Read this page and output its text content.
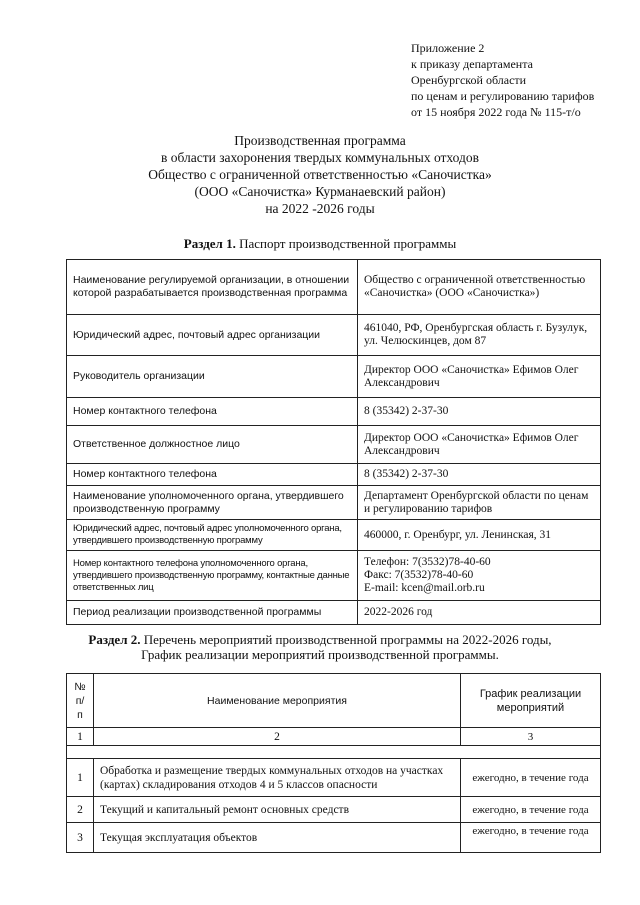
Приложение 2
к приказу департамента
Оренбургской области
по ценам и регулированию тарифов
от 15 ноября 2022 года № 115-т/о
Производственная программа
в области захоронения твердых коммунальных отходов
Общество с ограниченной ответственностью «Саночистка»
(ООО «Саночистка» Курманаевский район)
на 2022 -2026 годы
Раздел 1. Паспорт производственной программы
Наименование регулируемой организации, в отношении которой разрабатывается производственная программа	Общество с ограниченной ответственностью «Саночистка» (ООО «Саночистка»)
Юридический адрес, почтовый адрес организации	461040, РФ, Оренбургская область г. Бузулук, ул. Челюскинцев, дом 87
Руководитель организации	Директор ООО «Саночистка» Ефимов Олег Александрович
Номер контактного телефона	8 (35342) 2-37-30
Ответственное должностное лицо	Директор ООО «Саночистка» Ефимов Олег Александрович
Номер контактного телефона	8 (35342) 2-37-30
Наименование уполномоченного органа, утвердившего производственную программу	Департамент Оренбургской области по ценам и регулированию тарифов
Юридический адрес, почтовый адрес уполномоченного органа, утвердившего производственную программу	460000, г. Оренбург, ул. Ленинская, 31
Номер контактного телефона уполномоченного органа, утвердившего производственную программу, контактные данные ответственных лиц	Телефон: 7(3532)78-40-60
Факс: 7(3532)78-40-60
E-mail: kcen@mail.orb.ru

Период реализации производственной программы	2022-2026 год
Раздел 2. Перечень мероприятий производственной программы на 2022-2026 годы,
График реализации мероприятий производственной программы.
№ п/п	Наименование мероприятия	График реализации мероприятий
1	2	3

1	Обработка и размещение твердых коммунальных отходов на участках (картах) складирования отходов 4 и 5 классов опасности	ежегодно, в течение года
2	Текущий и капитальный ремонт основных средств	ежегодно, в течение года
3	Текущая эксплуатация объектов	ежегодно, в течение года
